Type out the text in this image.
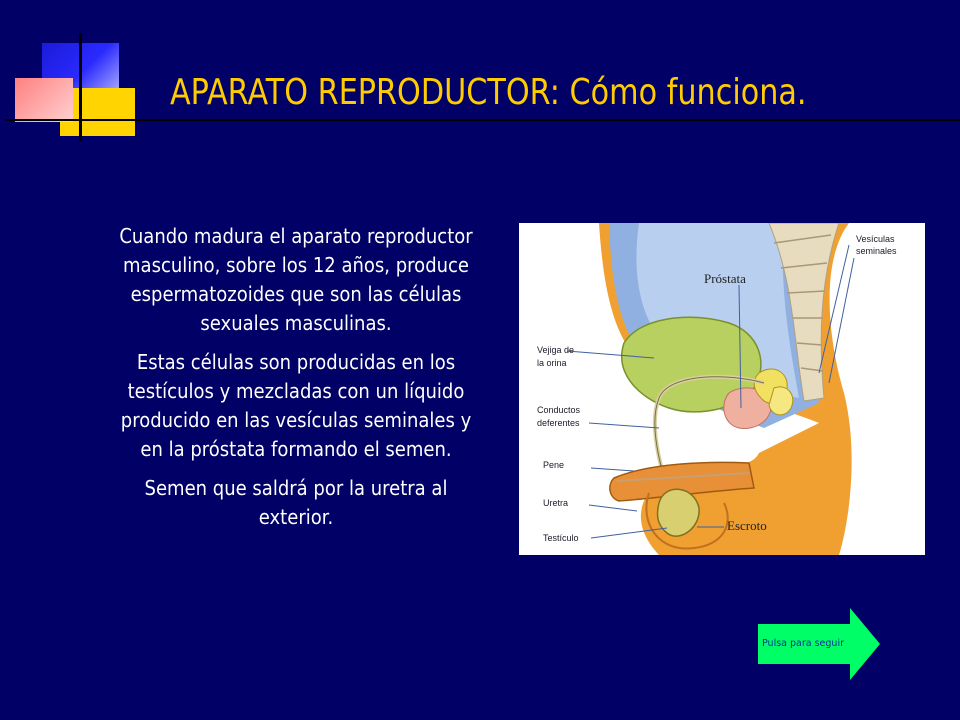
APARATO REPRODUCTOR: Cómo funciona.

Cuando madura el aparato reproductor masculino, sobre los 12 años, produce espermatozoides que son las células sexuales masculinas.

Estas células son producidas en los testículos y mezcladas con un líquido producido en las vesículas seminales y en la próstata formando el semen.

Semen que saldrá por la uretra al exterior.

Vesículas
seminales
Próstata
Vejiga de
la orina
Conductos
deferentes
Pene
Uretra
Testículo
Escroto
Pulsa para seguir
